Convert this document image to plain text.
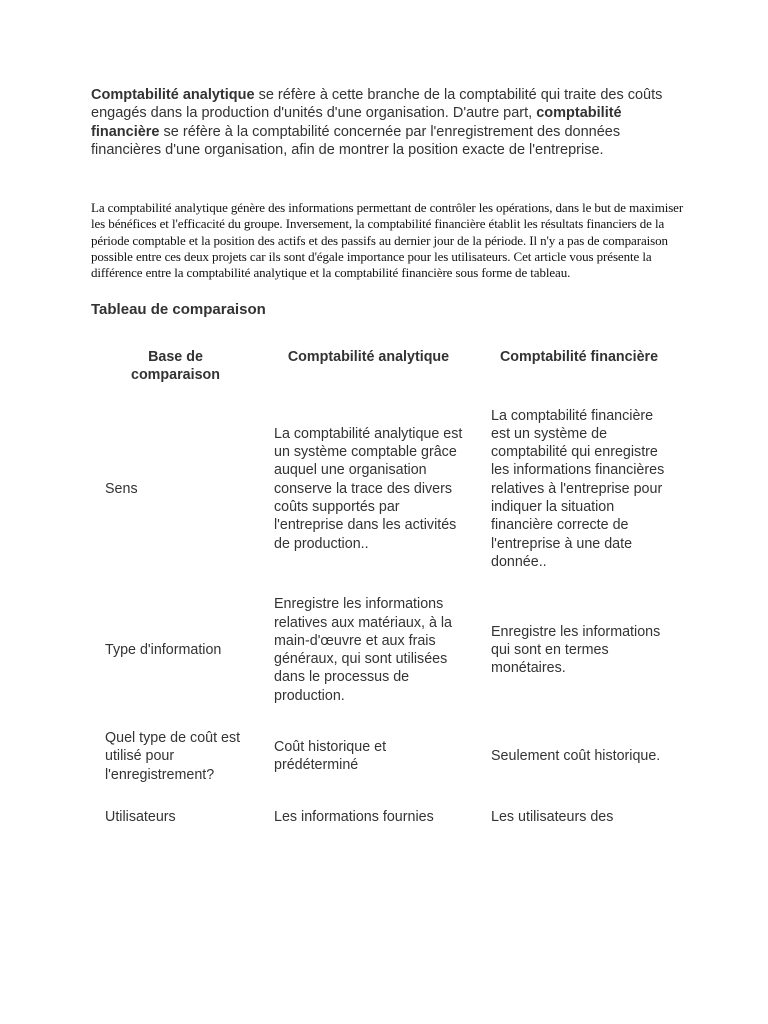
Comptabilité analytique se réfère à cette branche de la comptabilité qui traite des coûts engagés dans la production d'unités d'une organisation. D'autre part, comptabilité financière se réfère à la comptabilité concernée par l'enregistrement des données financières d'une organisation, afin de montrer la position exacte de l'entreprise.

La comptabilité analytique génère des informations permettant de contrôler les opérations, dans le but de maximiser les bénéfices et l'efficacité du groupe. Inversement, la comptabilité financière établit les résultats financiers de la période comptable et la position des actifs et des passifs au dernier jour de la période. Il n'y a pas de comparaison possible entre ces deux projets car ils sont d'égale importance pour les utilisateurs. Cet article vous présente la différence entre la comptabilité analytique et la comptabilité financière sous forme de tableau.

Tableau de comparaison
Base de comparaison	Comptabilité analytique	Comptabilité financière
Sens	La comptabilité analytique est un système comptable grâce auquel une organisation conserve la trace des divers coûts supportés par l'entreprise dans les activités de production..	La comptabilité financière est un système de comptabilité qui enregistre les informations financières relatives à l'entreprise pour indiquer la situation financière correcte de l'entreprise à une date donnée..
Type d'information	Enregistre les informations relatives aux matériaux, à la main-d'œuvre et aux frais généraux, qui sont utilisées dans le processus de production.	Enregistre les informations qui sont en termes monétaires.
Quel type de coût est utilisé pour l'enregistrement?	Coût historique et prédéterminé	Seulement coût historique.
Utilisateurs	Les informations fournies	Les utilisateurs des
